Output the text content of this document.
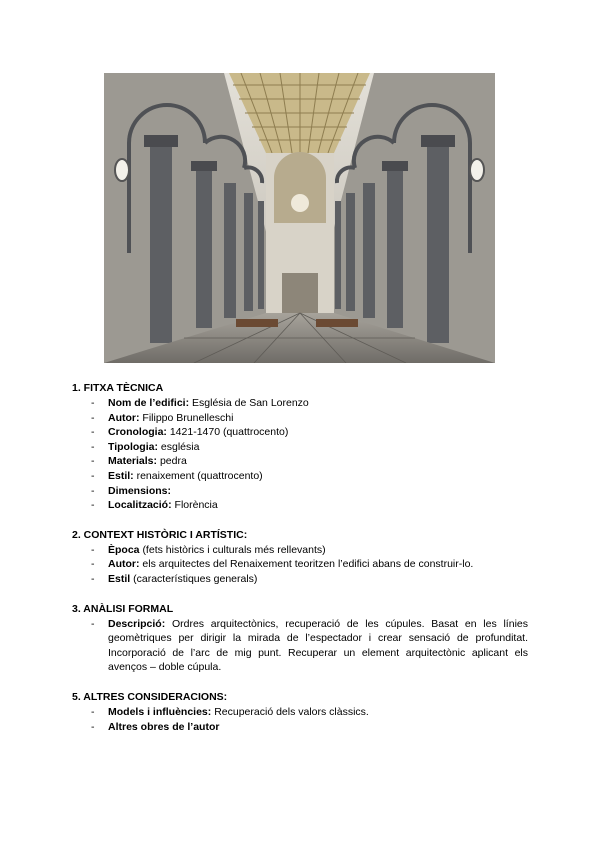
1. FITXA TÈCNICA

- Nom de l’edifici: Església de San Lorenzo
- Autor: Filippo Brunelleschi
- Cronologia: 1421-1470 (quattrocento)
- Tipologia: església
- Materials: pedra
- Estil: renaixement (quattrocento)
- Dimensions:
- Localització: Florència

2. CONTEXT HISTÒRIC I ARTÍSTIC:

- Època (fets històrics i culturals més rellevants)
- Autor: els arquitectes del Renaixement teoritzen l’edifici abans de construir-lo.
- Estil (característiques generals)

3. ANÀLISI FORMAL

- Descripció: Ordres arquitectònics, recuperació de les cúpules. Basat en les línies geomètriques per dirigir la mirada de l’espectador i crear sensació de profunditat. Incorporació de l’arc de mig punt. Recuperar un element arquitectònic aplicant els avenços – doble cúpula.

5. ALTRES CONSIDERACIONS:

- Models i influències: Recuperació dels valors clàssics.
- Altres obres de l’autor
